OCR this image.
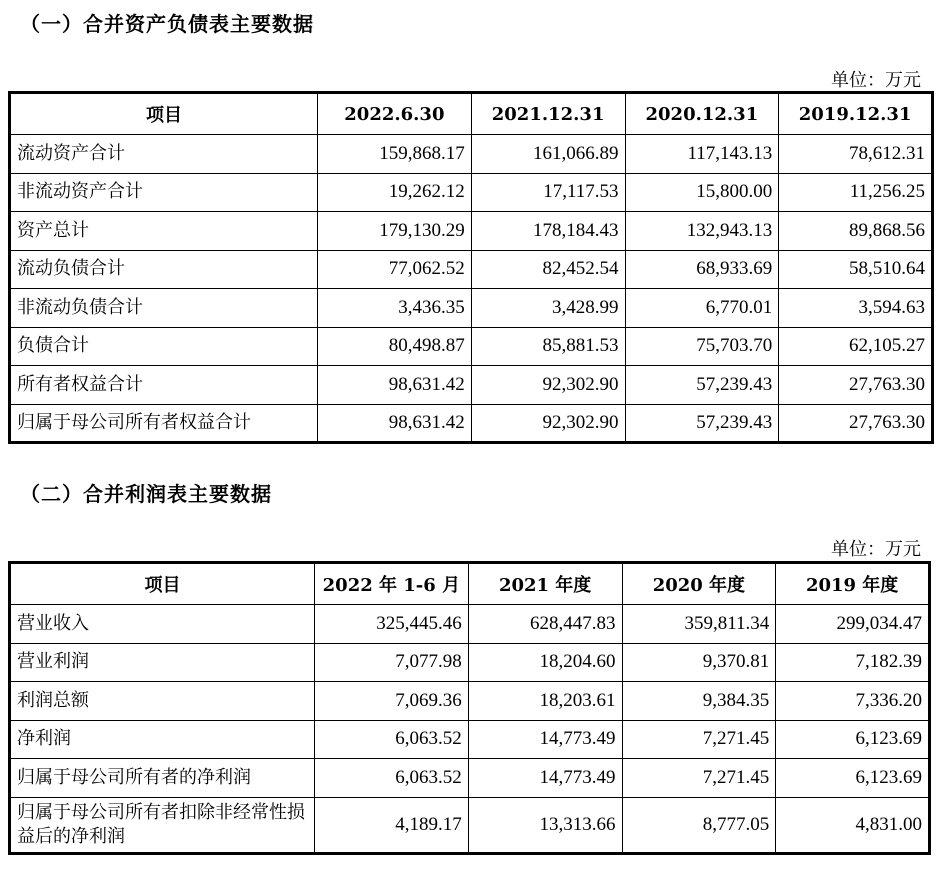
（一）合并资产负债表主要数据
单位：万元
项目	2022.6.30	2021.12.31	2020.12.31	2019.12.31
流动资产合计	159,868.17	161,066.89	117,143.13	78,612.31
非流动资产合计	19,262.12	17,117.53	15,800.00	11,256.25
资产总计	179,130.29	178,184.43	132,943.13	89,868.56
流动负债合计	77,062.52	82,452.54	68,933.69	58,510.64
非流动负债合计	3,436.35	3,428.99	6,770.01	3,594.63
负债合计	80,498.87	85,881.53	75,703.70	62,105.27
所有者权益合计	98,631.42	92,302.90	57,239.43	27,763.30
归属于母公司所有者权益合计	98,631.42	92,302.90	57,239.43	27,763.30
（二）合并利润表主要数据
单位：万元
项目	2022 年 1-6 月	2021 年度	2020 年度	2019 年度
营业收入	325,445.46	628,447.83	359,811.34	299,034.47
营业利润	7,077.98	18,204.60	9,370.81	7,182.39
利润总额	7,069.36	18,203.61	9,384.35	7,336.20
净利润	6,063.52	14,773.49	7,271.45	6,123.69
归属于母公司所有者的净利润	6,063.52	14,773.49	7,271.45	6,123.69
归属于母公司所有者扣除非经常性损益后的净利润	4,189.17	13,313.66	8,777.05	4,831.00
